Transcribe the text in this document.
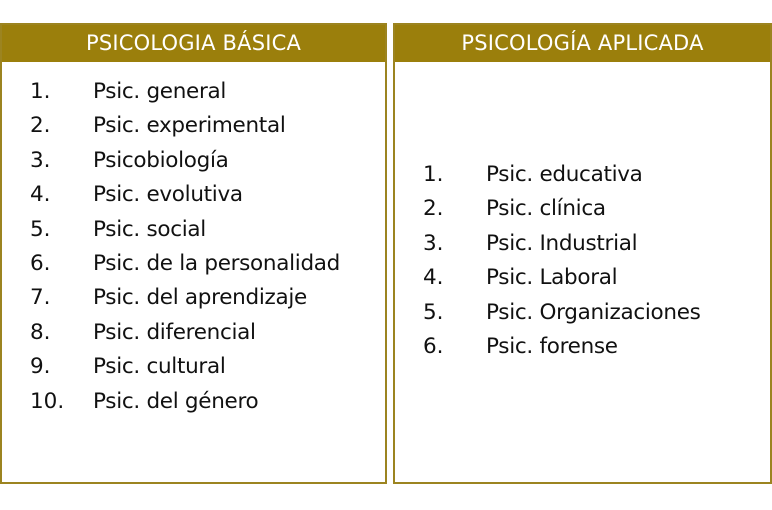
PSICOLOGIA BÁSICA
1. Psic. general
2. Psic. experimental
3. Psicobiología
4. Psic. evolutiva
5. Psic. social
6. Psic. de la personalidad
7. Psic. del aprendizaje
8. Psic. diferencial
9. Psic. cultural
10. Psic. del género
PSICOLOGÍA APLICADA
1. Psic. educativa
2. Psic. clínica
3. Psic. Industrial
4. Psic. Laboral
5. Psic. Organizaciones
6. Psic. forense
